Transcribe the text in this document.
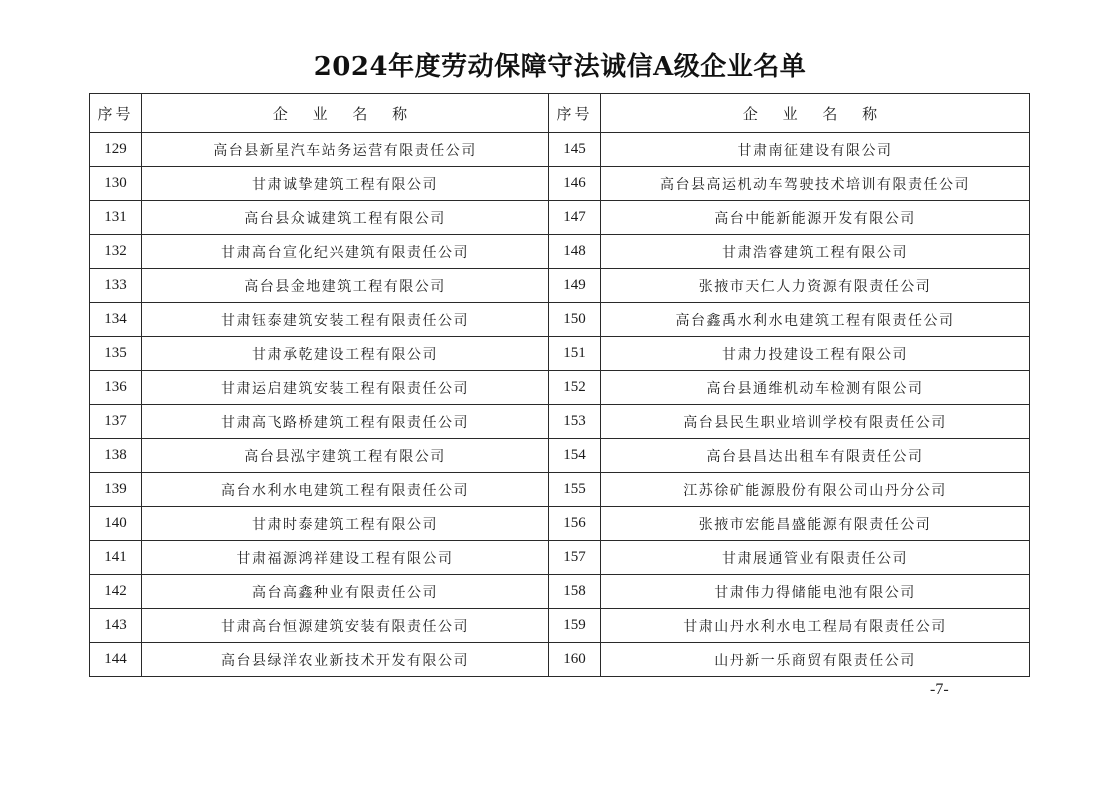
2024年度劳动保障守法诚信A级企业名单
序号	企 业 名 称	序号	企 业 名 称
129	高台县新星汽车站务运营有限责任公司	145	甘肃南征建设有限公司
130	甘肃诚挚建筑工程有限公司	146	高台县高运机动车驾驶技术培训有限责任公司
131	高台县众诚建筑工程有限公司	147	高台中能新能源开发有限公司
132	甘肃高台宣化纪兴建筑有限责任公司	148	甘肃浩睿建筑工程有限公司
133	高台县金地建筑工程有限公司	149	张掖市天仁人力资源有限责任公司
134	甘肃钰泰建筑安装工程有限责任公司	150	高台鑫禹水利水电建筑工程有限责任公司
135	甘肃承乾建设工程有限公司	151	甘肃力投建设工程有限公司
136	甘肃运启建筑安装工程有限责任公司	152	高台县通维机动车检测有限公司
137	甘肃高飞路桥建筑工程有限责任公司	153	高台县民生职业培训学校有限责任公司
138	高台县泓宇建筑工程有限公司	154	高台县昌达出租车有限责任公司
139	高台水利水电建筑工程有限责任公司	155	江苏徐矿能源股份有限公司山丹分公司
140	甘肃时泰建筑工程有限公司	156	张掖市宏能昌盛能源有限责任公司
141	甘肃福源鸿祥建设工程有限公司	157	甘肃展通管业有限责任公司
142	高台高鑫种业有限责任公司	158	甘肃伟力得储能电池有限公司
143	甘肃高台恒源建筑安装有限责任公司	159	甘肃山丹水利水电工程局有限责任公司
144	高台县绿洋农业新技术开发有限公司	160	山丹新一乐商贸有限责任公司
-7-
